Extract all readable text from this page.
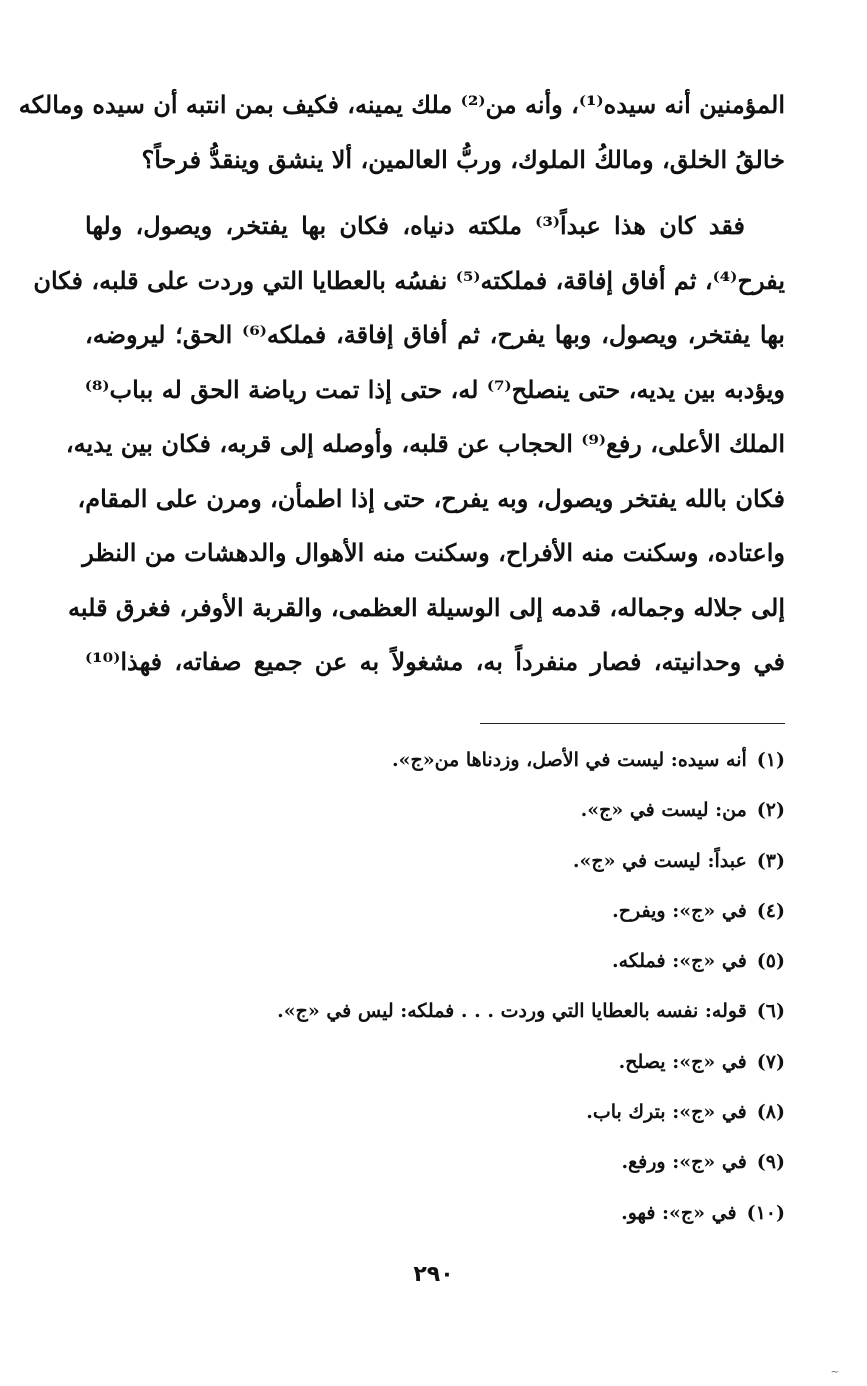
المؤمنين أنه سيده⁽¹⁾، وأنه من⁽²⁾ ملك يمينه، فكيف بمن انتبه أن سيده ومالكه
خالقُ الخلق، ومالكُ الملوك، وربُّ العالمين، ألا ينشق وينقدُّ فرحاً؟
فقد كان هذا عبداً⁽³⁾ ملكته دنياه، فكان بها يفتخر، ويصول، ولها
يفرح⁽⁴⁾، ثم أفاق إفاقة، فملكته⁽⁵⁾ نفسُه بالعطايا التي وردت على قلبه، فكان
بها يفتخر، ويصول، وبها يفرح، ثم أفاق إفاقة، فملكه⁽⁶⁾ الحق؛ ليروضه،
ويؤدبه بين يديه، حتى ينصلح⁽⁷⁾ له، حتى إذا تمت رياضة الحق له بباب⁽⁸⁾
الملك الأعلى، رفع⁽⁹⁾ الحجاب عن قلبه، وأوصله إلى قربه، فكان بين يديه،
فكان بالله يفتخر ويصول، وبه يفرح، حتى إذا اطمأن، ومرن على المقام،
واعتاده، وسكنت منه الأفراح، وسكنت منه الأهوال والدهشات من النظر
إلى جلاله وجماله، قدمه إلى الوسيلة العظمى، والقربة الأوفر، فغرق قلبه
في وحدانيته، فصار منفرداً به، مشغولاً به عن جميع صفاته، فهذا⁽¹⁰⁾
(١)أنه سيده: ليست في الأصل، وزدناها من«ج».
(٢)من: ليست في «ج».
(٣)عبداً: ليست في «ج».
(٤)في «ج»: ويفرح.
(٥)في «ج»: فملكه.
(٦)قوله: نفسه بالعطايا التي وردت . . . فملكه: ليس في «ج».
(٧)في «ج»: يصلح.
(٨)في «ج»: بترك باب.
(٩)في «ج»: ورفع.
(١٠)في «ج»: فهو.
٢٩٠
~
